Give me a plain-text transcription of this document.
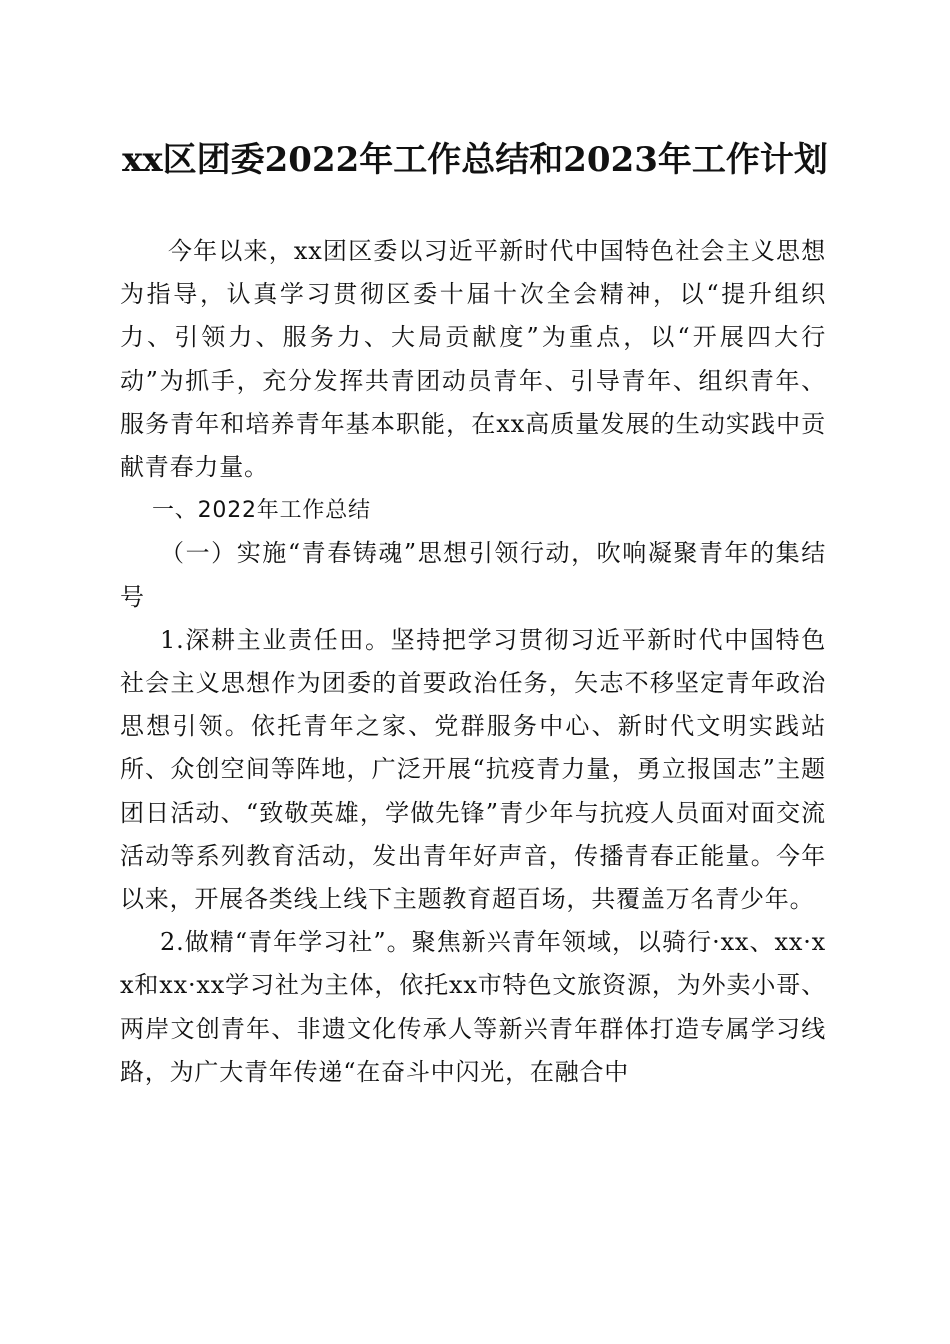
xx区团委2022年工作总结和2023年工作计划

今年以来，xx团区委以习近平新时代中国特色社会主义思想为指导，认真学习贯彻区委十届十次全会精神，以“提升组织力、引领力、服务力、大局贡献度”为重点，以“开展四大行动”为抓手，充分发挥共青团动员青年、引导青年、组织青年、服务青年和培养青年基本职能，在xx高质量发展的生动实践中贡献青春力量。

一、2022年工作总结

（一）实施“青春铸魂”思想引领行动，吹响凝聚青年的集结号

1.深耕主业责任田。坚持把学习贯彻习近平新时代中国特色社会主义思想作为团委的首要政治任务，矢志不移坚定青年政治思想引领。依托青年之家、党群服务中心、新时代文明实践站所、众创空间等阵地，广泛开展“抗疫青力量，勇立报国志”主题团日活动、“致敬英雄，学做先锋”青少年与抗疫人员面对面交流活动等系列教育活动，发出青年好声音，传播青春正能量。今年以来，开展各类线上线下主题教育超百场，共覆盖万名青少年。

2.做精“青年学习社”。聚焦新兴青年领域，以骑行·xx、xx·xx和xx·xx学习社为主体，依托xx市特色文旅资源，为外卖小哥、两岸文创青年、非遗文化传承人等新兴青年群体打造专属学习线路，为广大青年传递“在奋斗中闪光，在融合中
